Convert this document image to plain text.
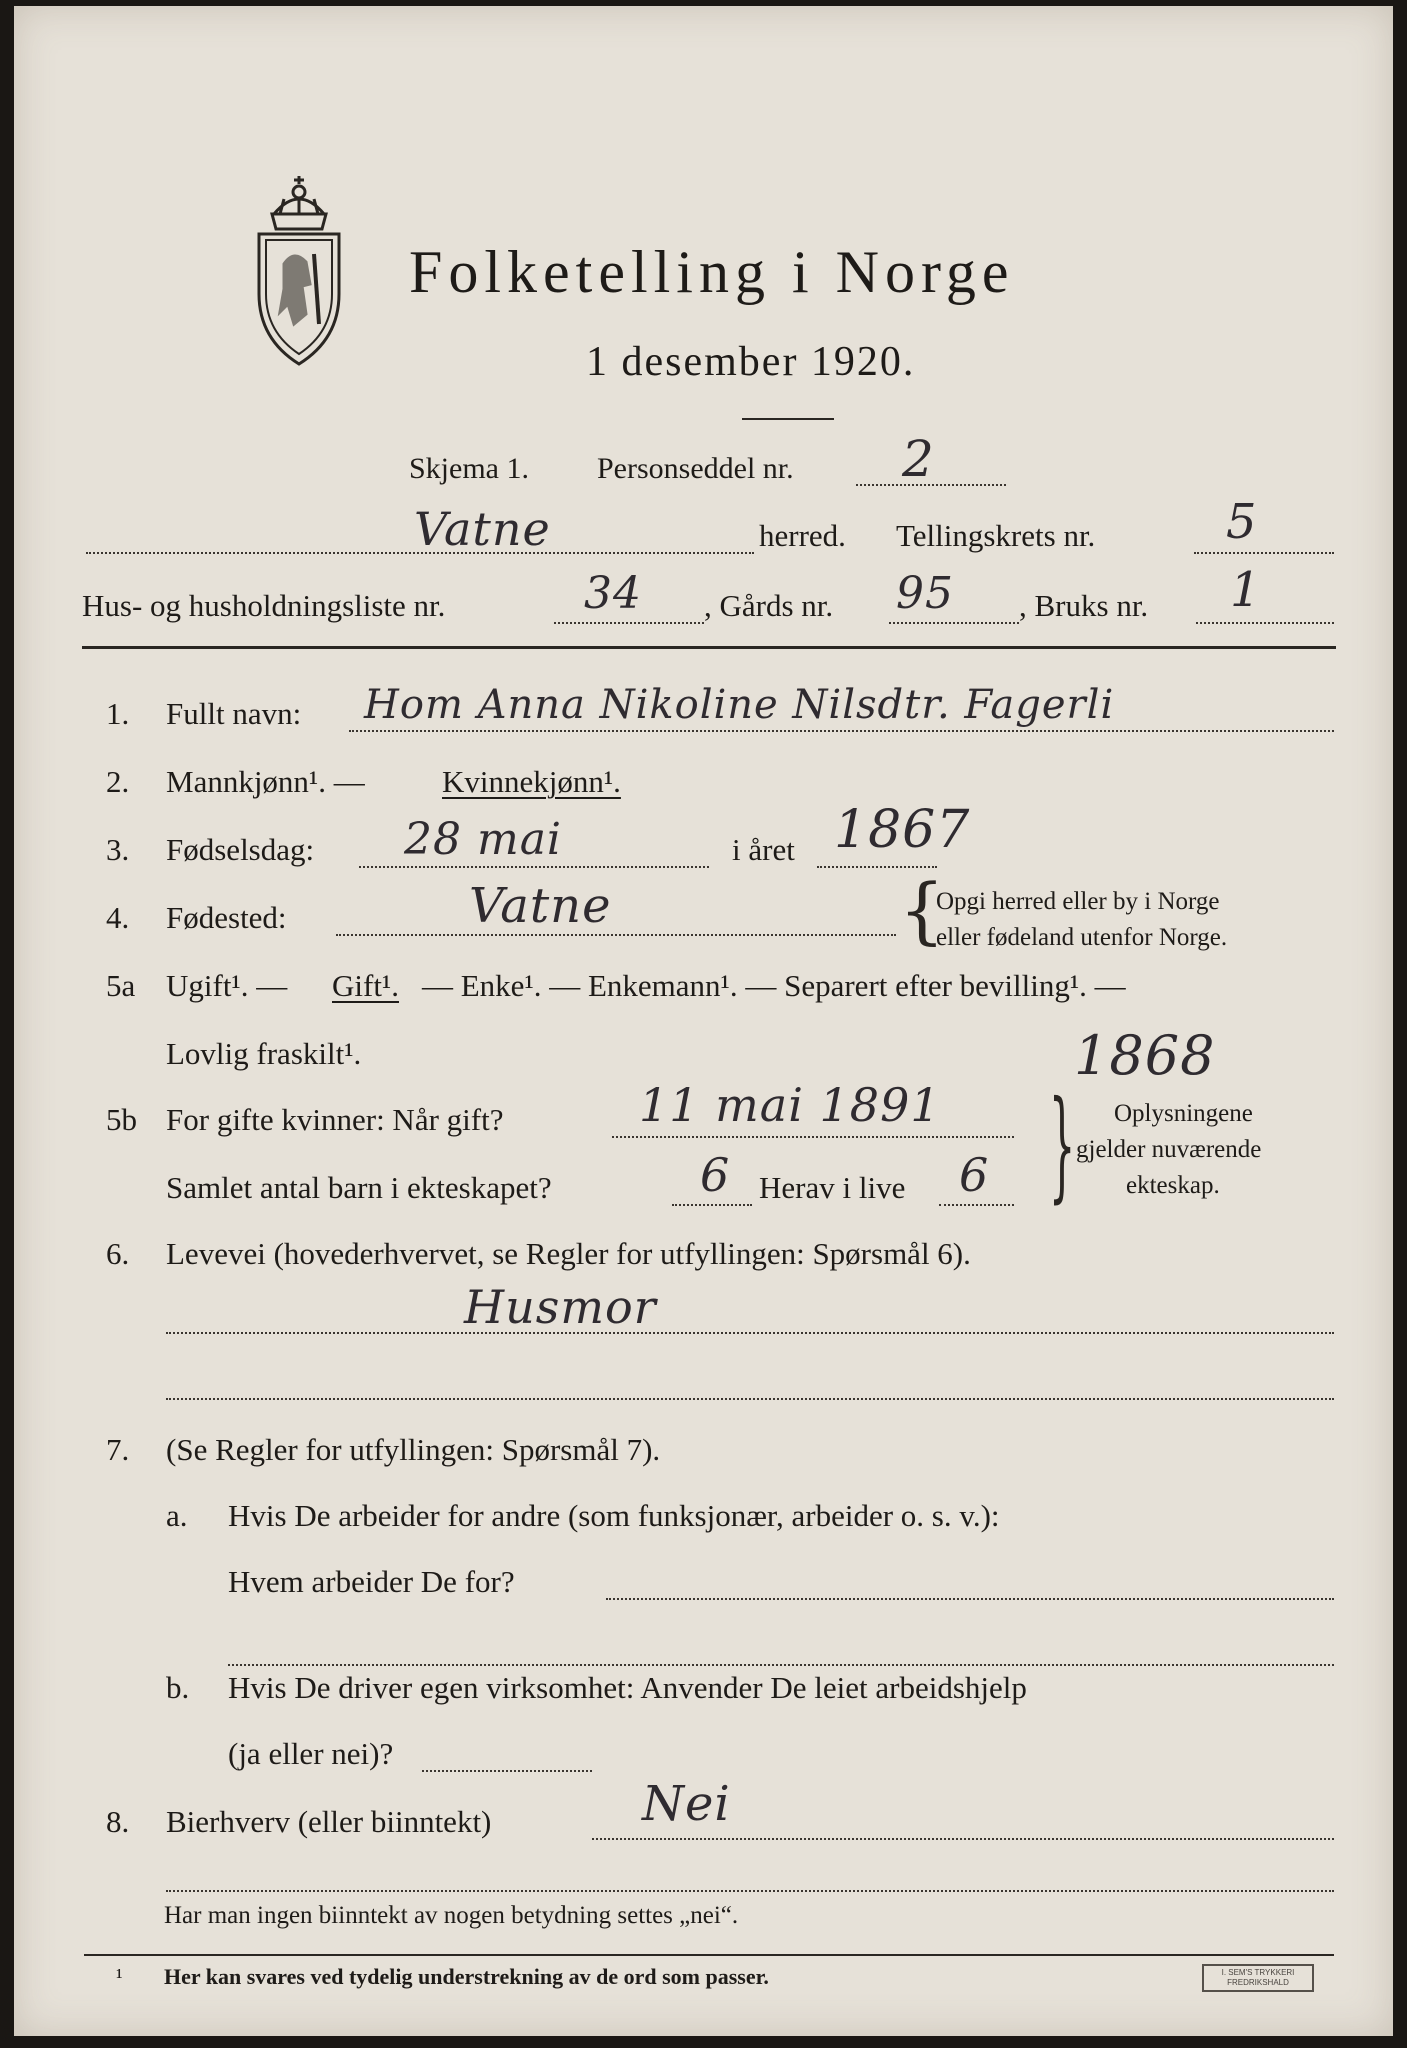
Folketelling i Norge
1 desember 1920.
Skjema 1. Personseddel nr. 2
Vatne	herred. Tellingskrets nr.	5
Hus- og husholdningsliste nr.	34 , Gårds nr. 95 , Bruks nr. 1
1. Fullt navn: Hom Anna Nikoline Nilsdtr. Fagerli
2. Mannkjønn¹. — Kvinnekjønn¹.
3. Fødselsdag: 28 mai	i året 1867
4. Fødested:	Vatne	{
Opgi herred eller by i Norge
eller fødeland utenfor Norge.
5a Ugift¹. — Gift¹. — Enke¹. — Enkemann¹. — Separert efter bevilling¹. —
Lovlig fraskilt¹.	1868
5b For gifte kvinner: Når gift?	11 mai 1891
Samlet antal barn i ekteskapet?	6 Herav i live 6 { Oplysningene
gjelder nuværende
ekteskap.
6. Levevei (hovederhvervet, se Regler for utfyllingen: Spørsmål 6).
Husmor
7. (Se Regler for utfyllingen: Spørsmål 7).
a. Hvis De arbeider for andre (som funksjonær, arbeider o. s. v.):
Hvem arbeider De for?
b. Hvis De driver egen virksomhet: Anvender De leiet arbeidshjelp
(ja eller nei)?
8. Bierhverv (eller biinntekt)	Nei
Har man ingen biinntekt av nogen betydning settes „nei“.
¹ Her kan svares ved tydelig understrekning av de ord som passer.	I. SEM'S TRYKKERI FREDRIKSHALD
